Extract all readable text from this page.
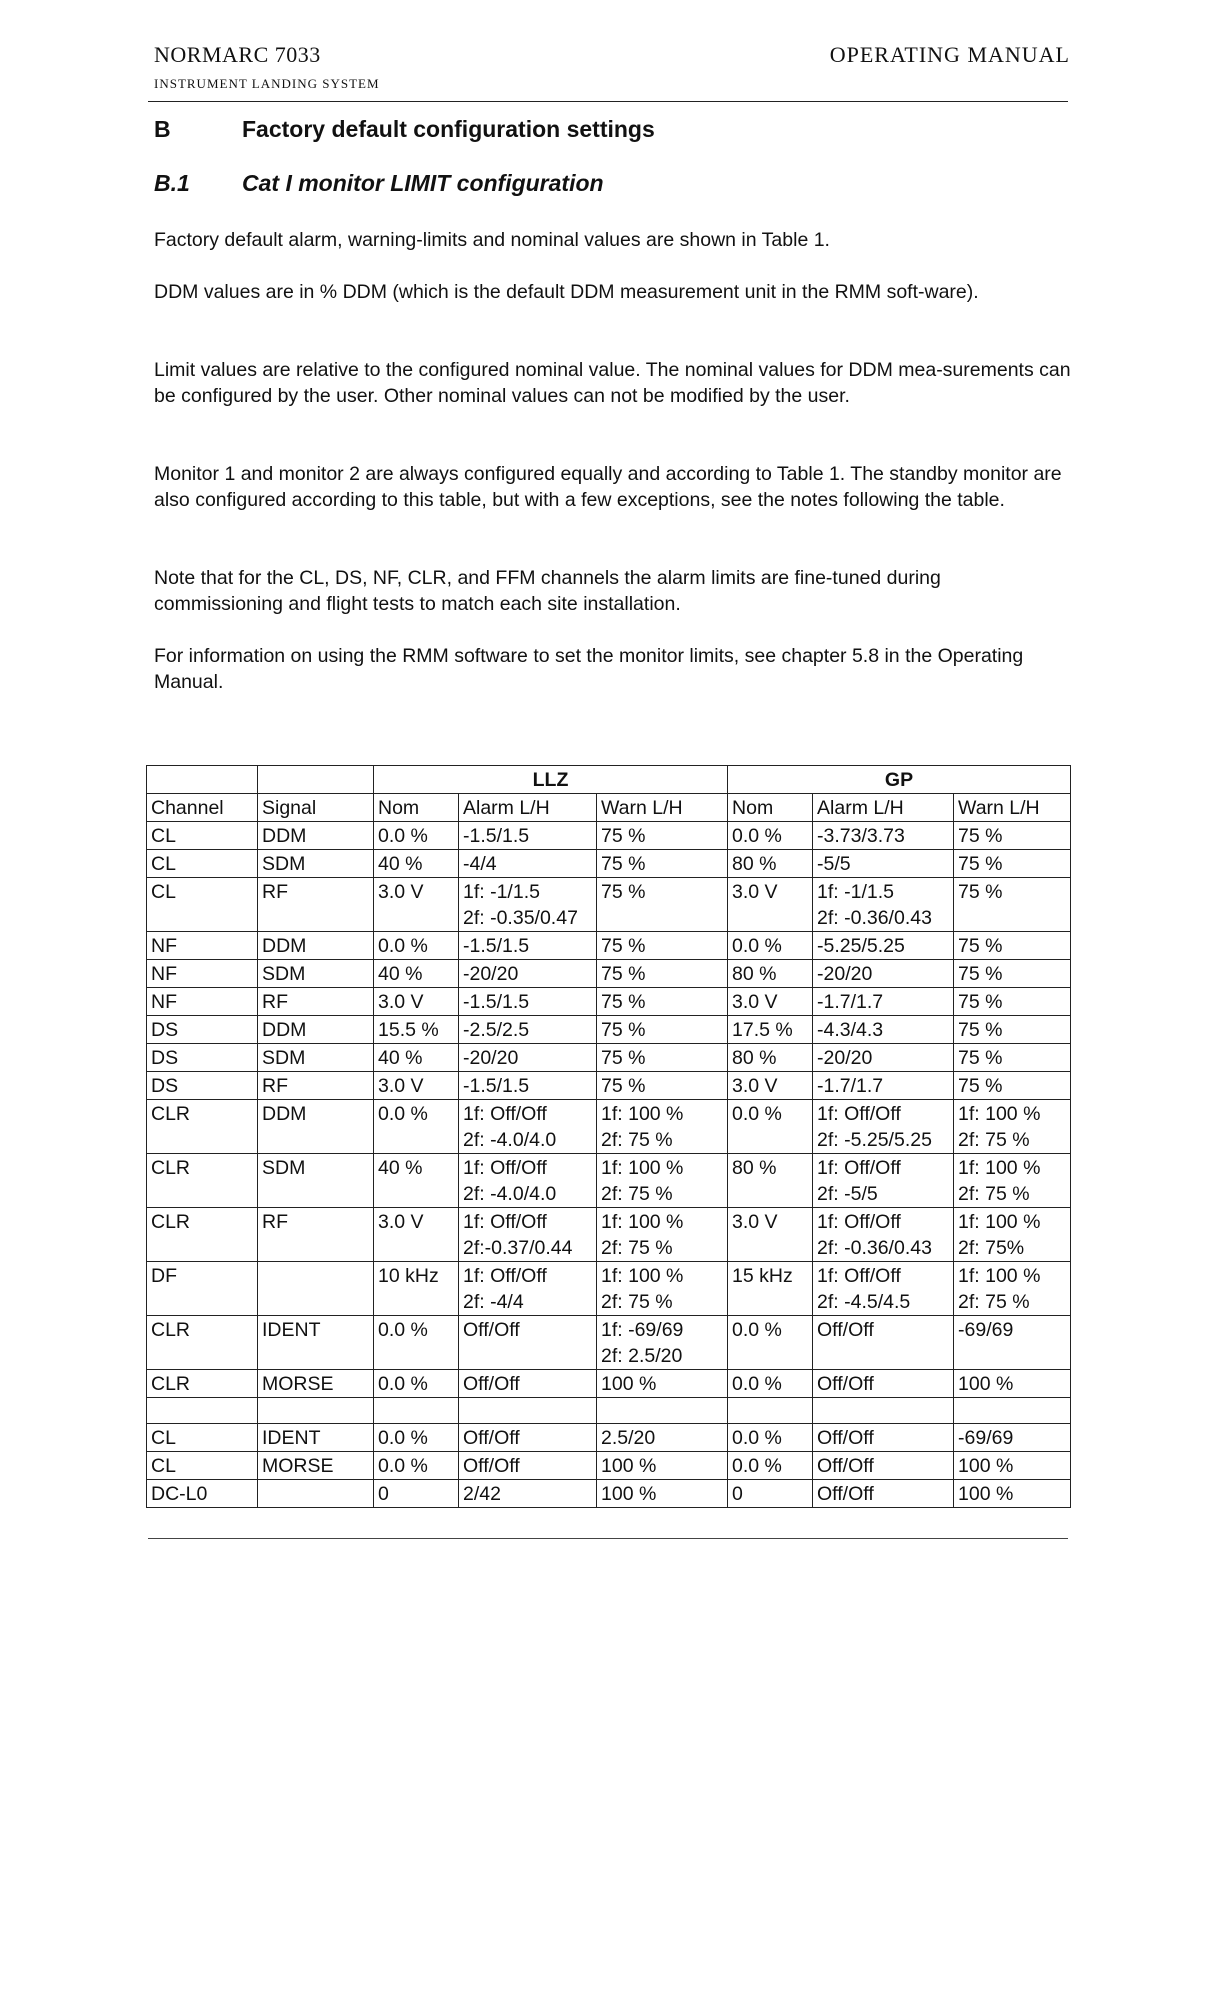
NORMARC 7033
INSTRUMENT LANDING SYSTEM
OPERATING MANUAL
B	Factory default configuration settings
B.1 Cat I monitor LIMIT configuration

Factory default alarm, warning-limits and nominal values are shown in Table 1.

DDM values are in % DDM (which is the default DDM measurement unit in the RMM soft-ware).

Limit values are relative to the configured nominal value. The nominal values for DDM mea-surements can be configured by the user. Other nominal values can not be modified by the user.

Monitor 1 and monitor 2 are always configured equally and according to Table 1. The standby monitor are also configured according to this table, but with a few exceptions, see the notes following the table.

Note that for the CL, DS, NF, CLR, and FFM channels the alarm limits are fine-tuned during commissioning and flight tests to match each site installation.

For information on using the RMM software to set the monitor limits, see chapter 5.8 in the Operating Manual.

		LLZ			GP		
Channel	Signal	Nom	Alarm L/H	Warn L/H	Nom	Alarm L/H	Warn L/H
CL	DDM	0.0 %	-1.5/1.5	75 %	0.0 %	-3.73/3.73	75 %
CL	SDM	40 %	-4/4	75 %	80 %	-5/5	75 %
CL	RF	3.0 V	1f: -1/1.5
2f: -0.35/0.47	75 %	3.0 V	1f: -1/1.5
2f: -0.36/0.43	75 %
NF	DDM	0.0 %	-1.5/1.5	75 %	0.0 %	-5.25/5.25	75 %
NF	SDM	40 %	-20/20	75 %	80 %	-20/20	75 %
NF	RF	3.0 V	-1.5/1.5	75 %	3.0 V	-1.7/1.7	75 %
DS	DDM	15.5 %	-2.5/2.5	75 %	17.5 %	-4.3/4.3	75 %
DS	SDM	40 %	-20/20	75 %	80 %	-20/20	75 %
DS	RF	3.0 V	-1.5/1.5	75 %	3.0 V	-1.7/1.7	75 %
CLR	DDM	0.0 %	1f: Off/Off
2f: -4.0/4.0	1f: 100 %
2f: 75 %	0.0 %	1f: Off/Off
2f: -5.25/5.25	1f: 100 %
2f: 75 %
CLR	SDM	40 %	1f: Off/Off
2f: -4.0/4.0	1f: 100 %
2f: 75 %	80 %	1f: Off/Off
2f: -5/5	1f: 100 %
2f: 75 %
CLR	RF	3.0 V	1f: Off/Off
2f:-0.37/0.44	1f: 100 %
2f: 75 %	3.0 V	1f: Off/Off
2f: -0.36/0.43	1f: 100 %
2f: 75%
DF		10 kHz	1f: Off/Off
2f: -4/4	1f: 100 %
2f: 75 %	15 kHz	1f: Off/Off
2f: -4.5/4.5	1f: 100 %
2f: 75 %
CLR	IDENT	0.0 %	Off/Off	1f: -69/69
2f: 2.5/20	0.0 %	Off/Off	-69/69
CLR	MORSE	0.0 %	Off/Off	100 %	0.0 %	Off/Off	100 %

CL	IDENT	0.0 %	Off/Off	2.5/20	0.0 %	Off/Off	-69/69
CL	MORSE	0.0 %	Off/Off	100 %	0.0 %	Off/Off	100 %
DC-L0		0	2/42	100 %	0	Off/Off	100 %
